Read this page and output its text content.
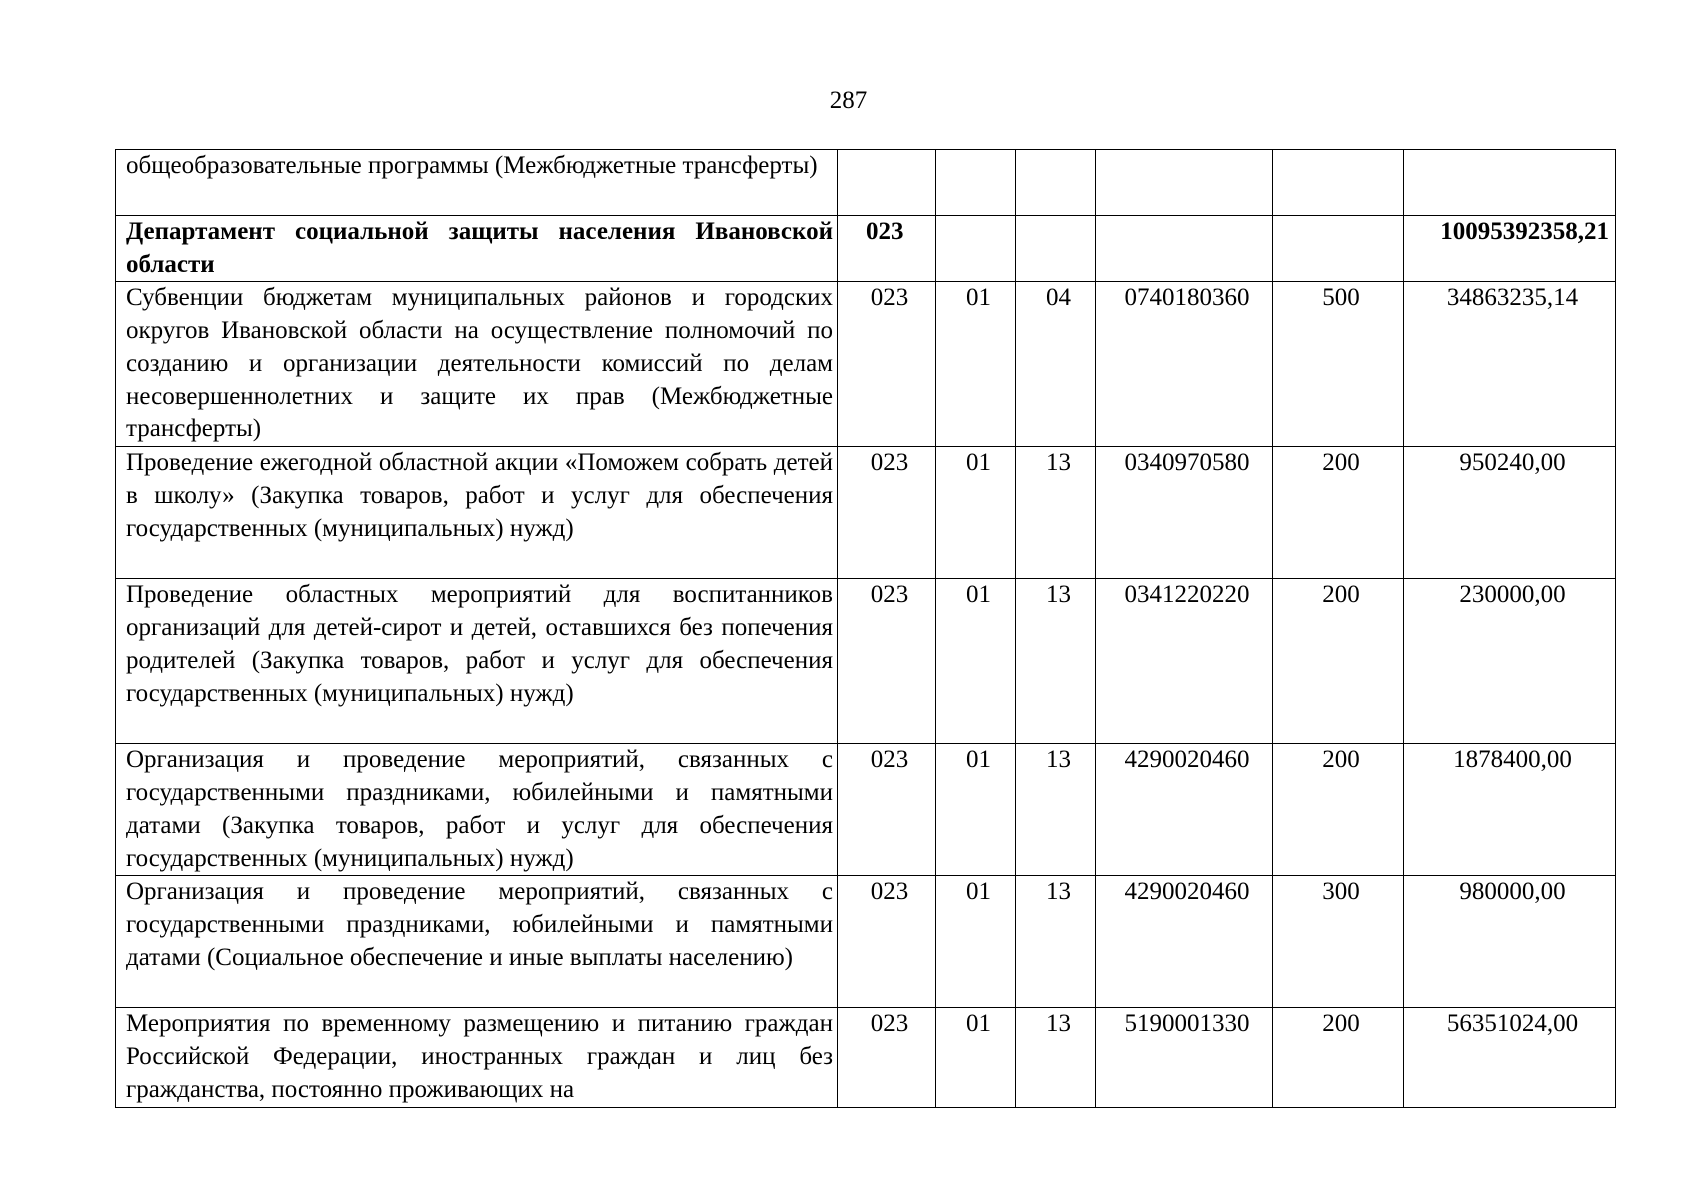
287
общеобразовательные программы (Межбюджетные трансферты)						
Департамент социальной защиты населения Ивановской области	023					10095392358,21
Субвенции бюджетам муниципальных районов и городских округов Ивановской области на осуществление полномочий по созданию и организации деятельности комиссий по делам несовершеннолетних и защите их прав (Межбюджетные трансферты)	023	01	04	0740180360	500	34863235,14
Проведение ежегодной областной акции «Поможем собрать детей в школу» (Закупка товаров, работ и услуг для обеспечения государственных (муниципальных) нужд)	023	01	13	0340970580	200	950240,00
Проведение областных мероприятий для воспитанников организаций для детей-сирот и детей, оставшихся без попечения родителей (Закупка товаров, работ и услуг для обеспечения государственных (муниципальных) нужд)	023	01	13	0341220220	200	230000,00
Организация и проведение мероприятий, связанных с государственными праздниками, юбилейными и памятными датами (Закупка товаров, работ и услуг для обеспечения государственных (муниципальных) нужд)	023	01	13	4290020460	200	1878400,00
Организация и проведение мероприятий, связанных с государственными праздниками, юбилейными и памятными датами (Социальное обеспечение и иные выплаты населению)	023	01	13	4290020460	300	980000,00
Мероприятия по временному размещению и питанию граждан Российской Федерации, иностранных граждан и лиц без гражданства, постоянно проживающих на	023	01	13	5190001330	200	56351024,00
